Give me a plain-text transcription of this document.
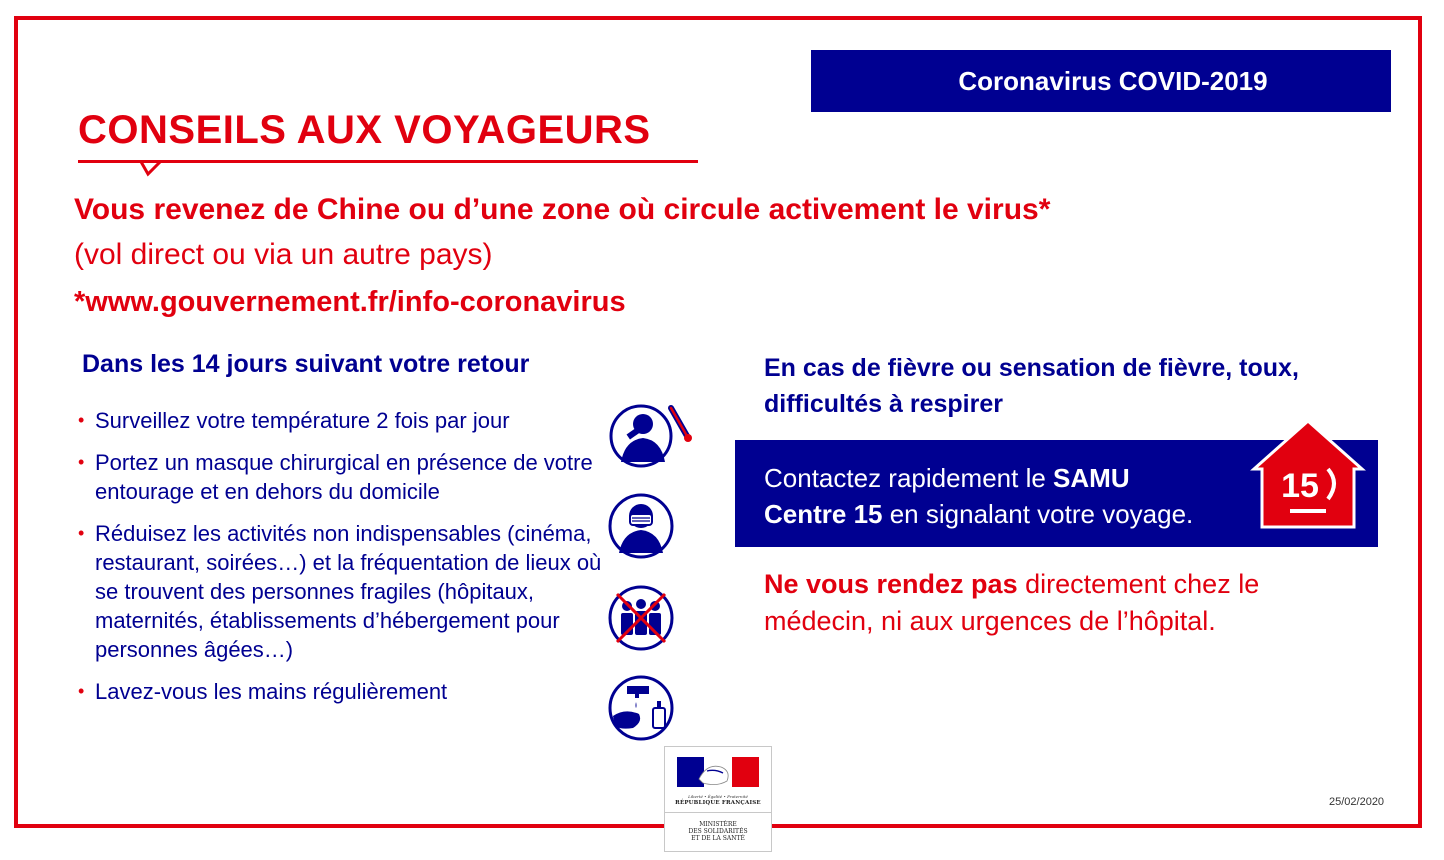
Coronavirus COVID-2019
CONSEILS AUX VOYAGEURS
Vous revenez de Chine ou d’une zone où circule activement le virus*
(vol direct ou via un autre pays)
*www.gouvernement.fr/info-coronavirus
Dans les 14 jours suivant votre retour
• Surveillez votre température 2 fois par jour
• Portez un masque chirurgical en présence de votre entourage et en dehors du domicile
• Réduisez les activités non indispensables (cinéma, restaurant, soirées…) et la fréquentation de lieux où se trouvent des personnes fragiles (hôpitaux, maternités, établissements d’hébergement pour personnes âgées…)
• Lavez-vous les mains régulièrement
En cas de fièvre ou sensation de fièvre, toux, difficultés à respirer
Contactez rapidement le SAMU
Centre 15 en signalant votre voyage.
15
Ne vous rendez pas directement chez le médecin, ni aux urgences de l’hôpital.
Liberté • Égalité • Fraternité
RÉPUBLIQUE FRANÇAISE
MINISTÈRE
DES SOLIDARITÉS
ET DE LA SANTÉ
25/02/2020
